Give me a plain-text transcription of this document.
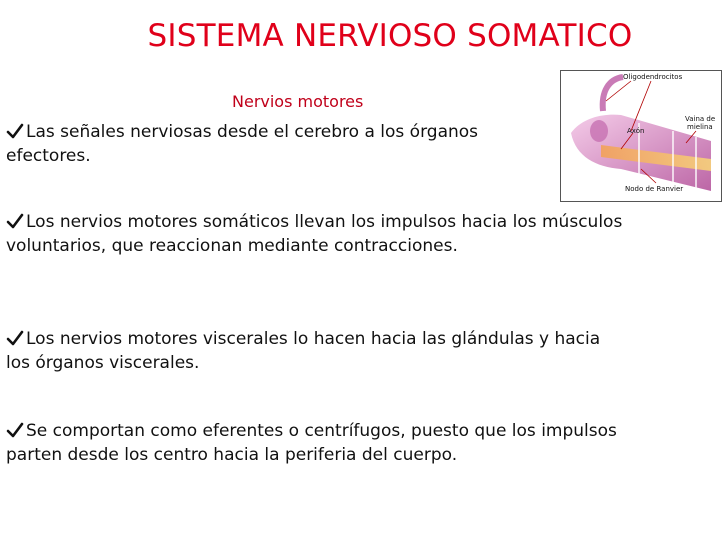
SISTEMA NERVIOSO SOMATICO
Nervios motores
Oligodendrocitos
Axón
Vaina de
mielina
Nodo de Ranvier
Las señales nerviosas desde el cerebro a los órganos efectores.
Los nervios motores somáticos llevan los impulsos hacia los músculos voluntarios, que reaccionan mediante contracciones.
Los nervios motores viscerales lo hacen hacia las glándulas y hacia los órganos viscerales.
Se comportan como eferentes o centrífugos, puesto que los impulsos parten desde los centro hacia la periferia del cuerpo.
